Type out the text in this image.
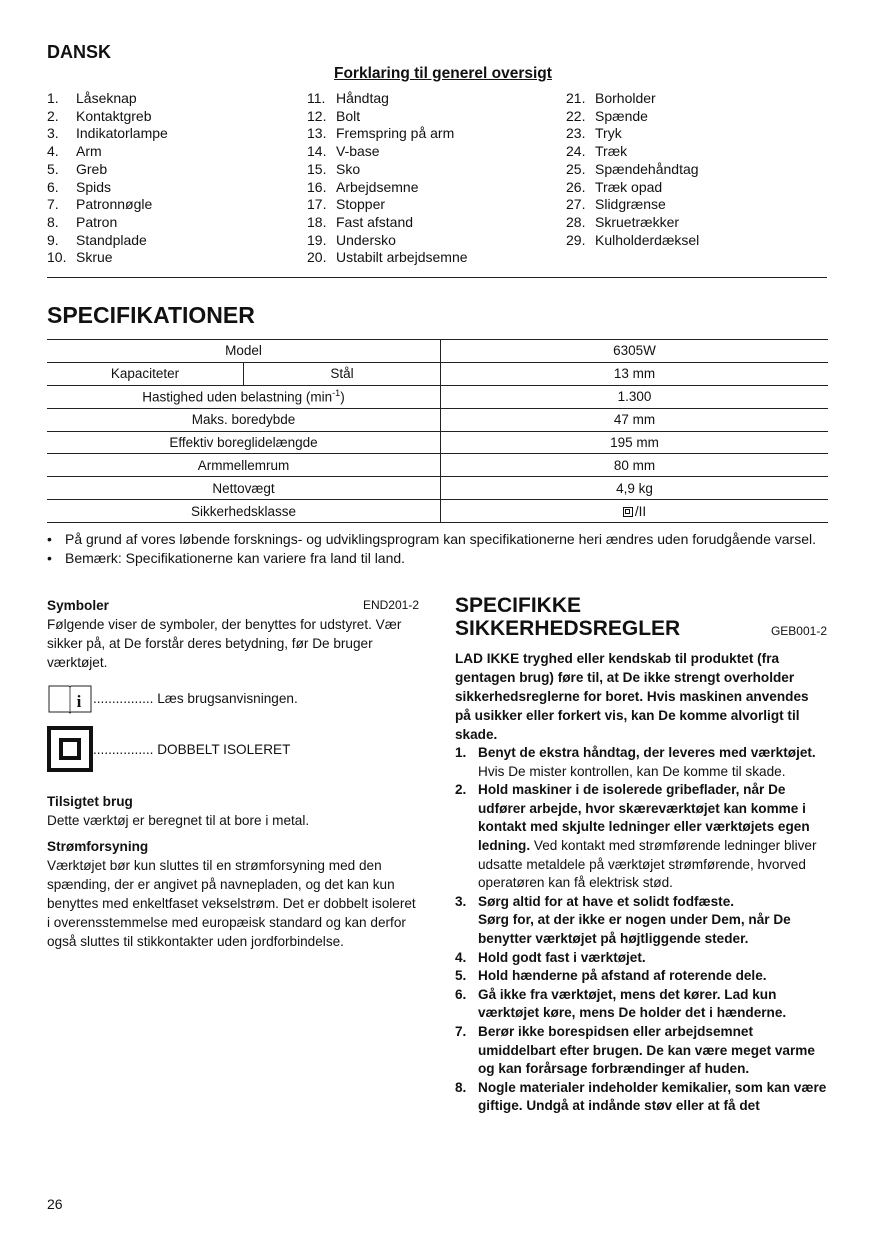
DANSK
Forklaring til generel oversigt
1.	Låseknap
2.	Kontaktgreb
3.	Indikatorlampe
4.	Arm
5.	Greb
6.	Spids
7.	Patronnøgle
8.	Patron
9.	Standplade
10. Skrue
11. Håndtag
12. Bolt
13. Fremspring på arm
14. V-base
15. Sko
16. Arbejdsemne
17. Stopper
18. Fast afstand
19. Undersko
20. Ustabilt arbejdsemne
21. Borholder
22. Spænde
23. Tryk
24. Træk
25. Spændehåndtag
26. Træk opad
27. Slidgrænse
28. Skruetrækker
29. Kulholderdæksel
SPECIFIKATIONER
Model		6305W
Kapaciteter	Stål	13 mm
Hastighed uden belastning $(\min^{-1})$		1.300
Maks. boredybde		47 mm
Effektiv boreglidelængde		195 mm
Armmellemrum		80 mm
Nettovægt		4,9 kg
Sikkerhedsklasse		/II
• På grund af vores løbende forsknings- og udviklingsprogram kan specifikationerne heri ændres uden forudgående varsel.
• Bemærk: Specifikationerne kan variere fra land til land.
Symboler	END201-2

Følgende viser de symboler, der benyttes for udstyret. Vær sikker på, at De forstår deres betydning, før De bruger værktøjet.

i ................ Læs brugsanvisningen.
................ DOBBELT ISOLERET
Tilsigtet brug

Dette værktøj er beregnet til at bore i metal.

Strømforsyning

Værktøjet bør kun sluttes til en strømforsyning med den spænding, der er angivet på navnepladen, og det kan kun benyttes med enkeltfaset vekselstrøm. Det er dobbelt isoleret i overensstemmelse med europæisk standard og kan derfor også sluttes til stikkontakter uden jordforbindelse.

SPECIFIKKE
SIKKERHEDSREGLER	GEB001-2
LAD IKKE tryghed eller kendskab til produktet (fra gentagen brug) føre til, at De ikke strengt overholder sikkerhedsreglerne for boret. Hvis maskinen anvendes på usikker eller forkert vis, kan De komme alvorligt til skade.
1. Benyt de ekstra håndtag, der leveres med værktøjet. Hvis De mister kontrollen, kan De komme til skade.
2. Hold maskiner i de isolerede gribeflader, når De udfører arbejde, hvor skæreværktøjet kan komme i kontakt med skjulte ledninger eller værktøjets egen ledning. Ved kontakt med strømførende ledninger bliver udsatte metaldele på værktøjet strømførende, hvorved operatøren kan få elektrisk stød.
3. Sørg altid for at have et solidt fodfæste.
Sørg for, at der ikke er nogen under Dem, når De benytter værktøjet på højtliggende steder.
4. Hold godt fast i værktøjet.
5. Hold hænderne på afstand af roterende dele.
6. Gå ikke fra værktøjet, mens det kører. Lad kun værktøjet køre, mens De holder det i hænderne.
7. Berør ikke borespidsen eller arbejdsemnet umiddelbart efter brugen. De kan være meget varme og kan forårsage forbrændinger af huden.
8. Nogle materialer indeholder kemikalier, som kan være giftige. Undgå at indånde støv eller at få det
26
